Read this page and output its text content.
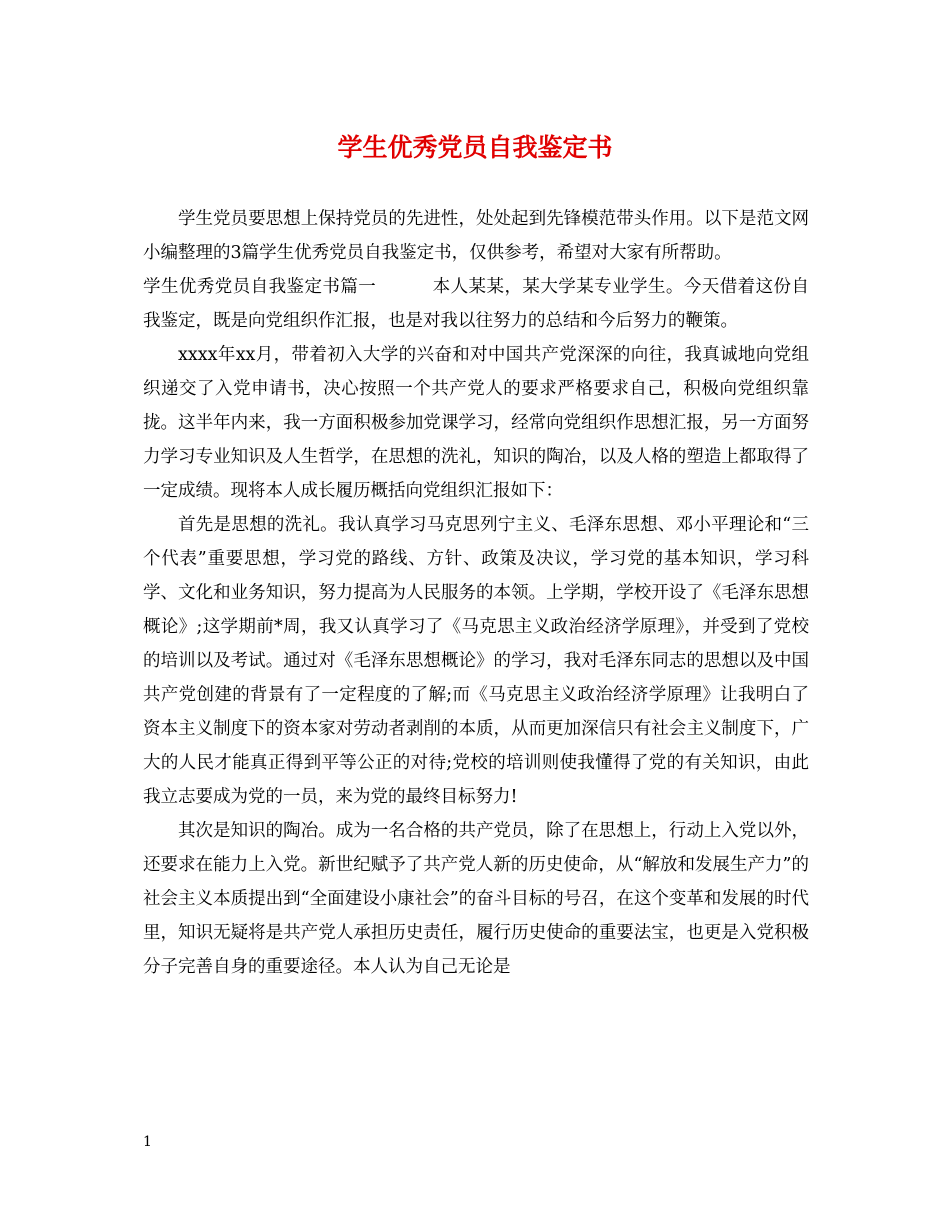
学生优秀党员自我鉴定书

学生党员要思想上保持党员的先进性，处处起到先锋模范带头作用。以下是范文网小编整理的3篇学生优秀党员自我鉴定书，仅供参考，希望对大家有所帮助。

学生优秀党员自我鉴定书篇一	本人某某，某大学某专业学生。今天借着这份自我鉴定，既是向党组织作汇报，也是对我以往努力的总结和今后努力的鞭策。

xxxx年xx月，带着初入大学的兴奋和对中国共产党深深的向往，我真诚地向党组织递交了入党申请书，决心按照一个共产党人的要求严格要求自己，积极向党组织靠拢。这半年内来，我一方面积极参加党课学习，经常向党组织作思想汇报，另一方面努力学习专业知识及人生哲学，在思想的洗礼，知识的陶冶，以及人格的塑造上都取得了一定成绩。现将本人成长履历概括向党组织汇报如下：

首先是思想的洗礼。我认真学习马克思列宁主义、毛泽东思想、邓小平理论和“三个代表”重要思想，学习党的路线、方针、政策及决议，学习党的基本知识，学习科学、文化和业务知识，努力提高为人民服务的本领。上学期，学校开设了《毛泽东思想概论》;这学期前*周，我又认真学习了《马克思主义政治经济学原理》，并受到了党校的培训以及考试。通过对《毛泽东思想概论》的学习，我对毛泽东同志的思想以及中国共产党创建的背景有了一定程度的了解;而《马克思主义政治经济学原理》让我明白了资本主义制度下的资本家对劳动者剥削的本质，从而更加深信只有社会主义制度下，广大的人民才能真正得到平等公正的对待;党校的培训则使我懂得了党的有关知识，由此我立志要成为党的一员，来为党的最终目标努力!

其次是知识的陶冶。成为一名合格的共产党员，除了在思想上，行动上入党以外，还要求在能力上入党。新世纪赋予了共产党人新的历史使命，从“解放和发展生产力”的社会主义本质提出到“全面建设小康社会”的奋斗目标的号召，在这个变革和发展的时代里，知识无疑将是共产党人承担历史责任，履行历史使命的重要法宝，也更是入党积极分子完善自身的重要途径。本人认为自己无论是

1
